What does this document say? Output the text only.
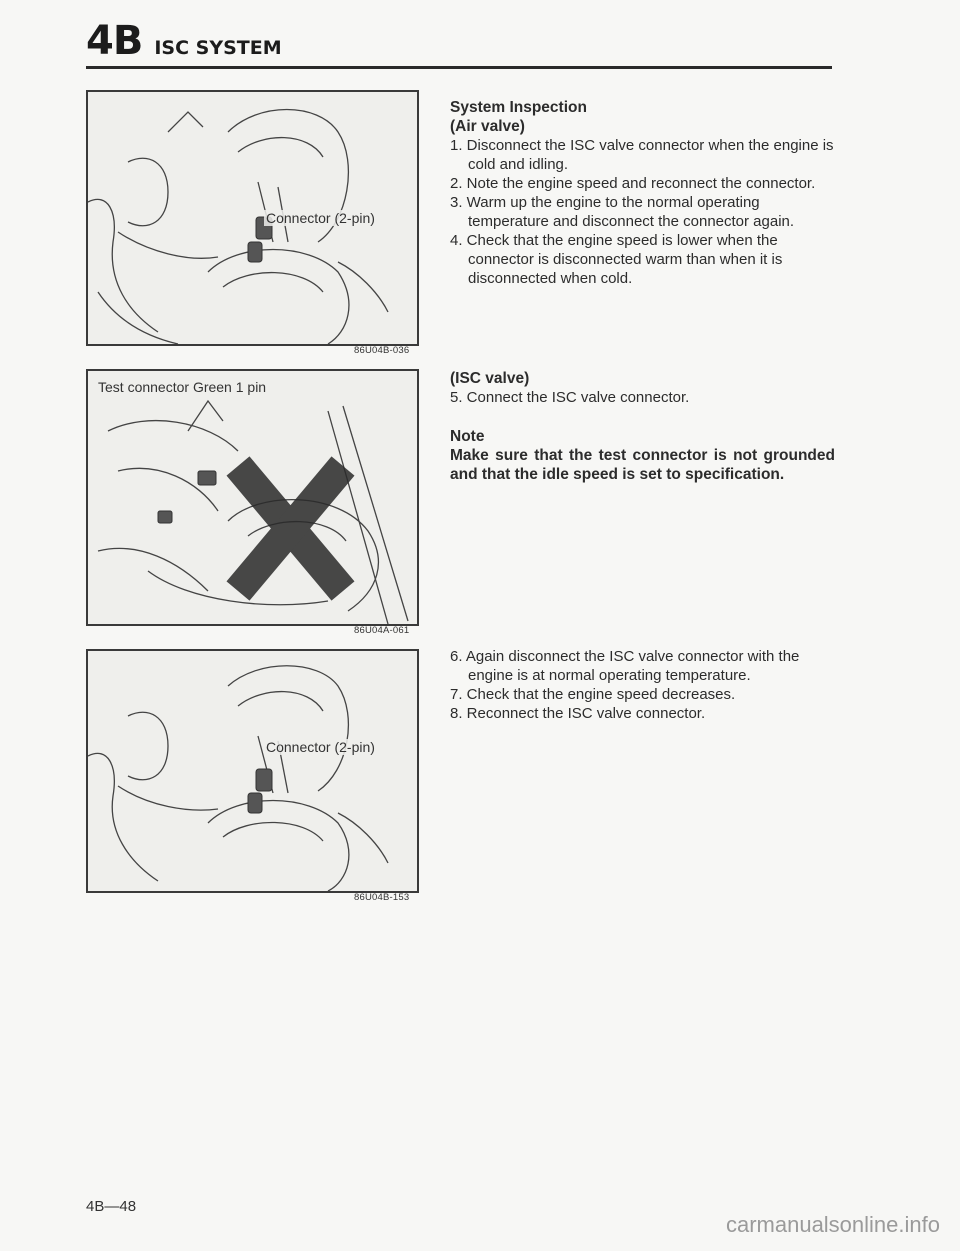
4B ISC SYSTEM
Connector (2-pin)
86U04B-036
Test connector Green 1 pin
86U04A-061
Connector (2-pin)
86U04B-153
System Inspection
(Air valve)

1. Disconnect the ISC valve connector when the engine is cold and idling.

2. Note the engine speed and reconnect the connector.

3. Warm up the engine to the normal operating temperature and disconnect the connector again.

4. Check that the engine speed is lower when the connector is disconnected warm than when it is disconnected when cold.

(ISC valve)

5. Connect the ISC valve connector.

Note
Make sure that the test connector is not grounded and that the idle speed is set to specification.

6. Again disconnect the ISC valve connector with the engine is at normal operating temperature.

7. Check that the engine speed decreases.

8. Reconnect the ISC valve connector.

4B—48
carmanualsonline.info
